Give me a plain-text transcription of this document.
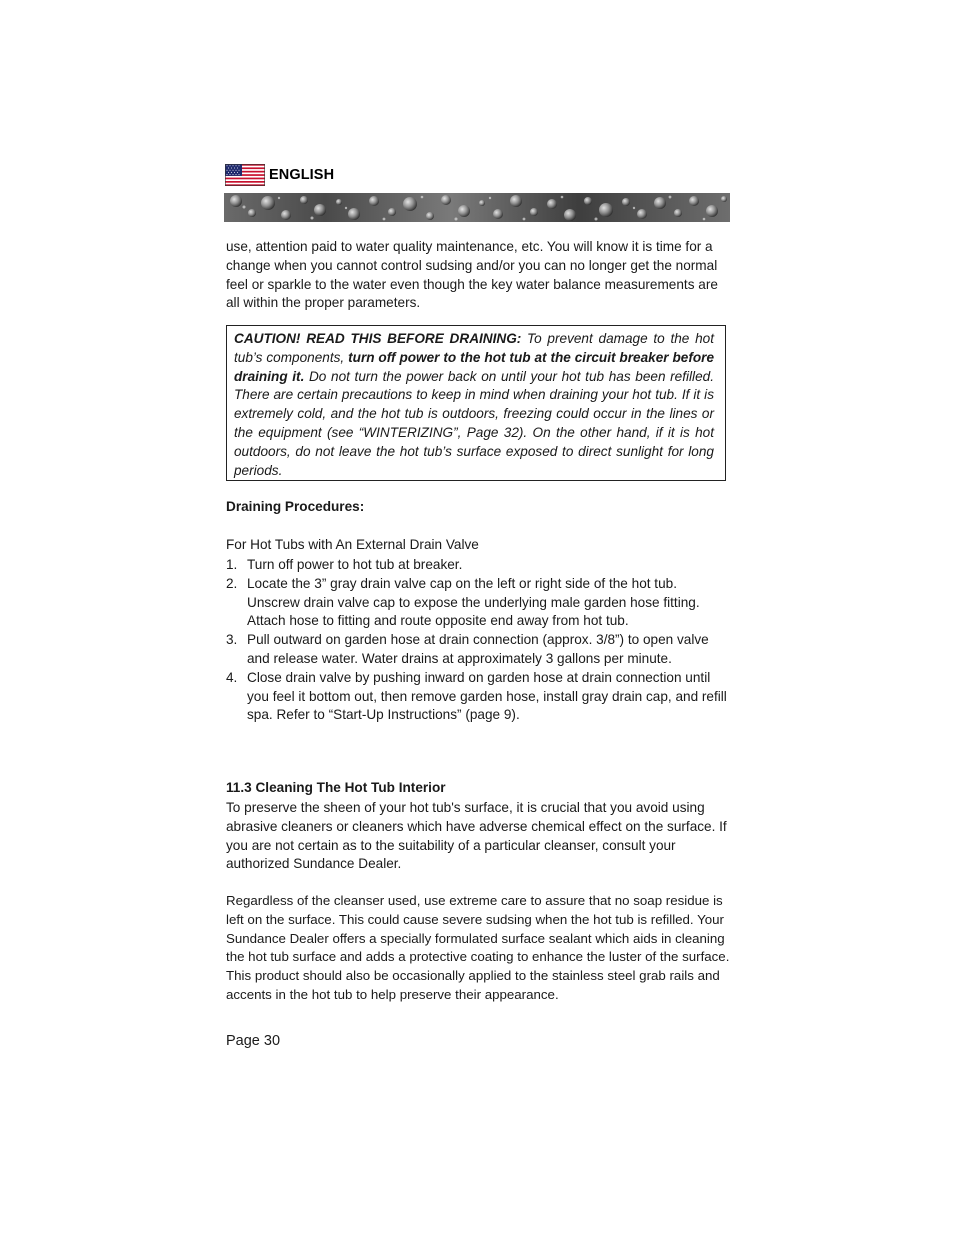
ENGLISH
use, attention paid to water quality maintenance, etc. You will know it is time for a change when you cannot control sudsing and/or you can no longer get the normal feel or sparkle to the water even though the key water balance measurements are all within the proper parameters.
CAUTION! READ THIS BEFORE DRAINING: To prevent damage to the hot tub’s components, turn off power to the hot tub at the circuit breaker before draining it. Do not turn the power back on until your hot tub has been refilled. There are certain precautions to keep in mind when draining your hot tub. If it is extremely cold, and the hot tub is outdoors, freezing could occur in the lines or the equipment (see “WINTERIZING”, Page 32). On the other hand, if it is hot outdoors, do not leave the hot tub’s surface exposed to direct sunlight for long periods.
Draining Procedures:
For Hot Tubs with An External Drain Valve
1. Turn off power to hot tub at breaker.
2. Locate the 3” gray drain valve cap on the left or right side of the hot tub. Unscrew drain valve cap to expose the underlying male garden hose fitting. Attach hose to fitting and route opposite end away from hot tub.
3. Pull outward on garden hose at drain connection (approx. 3/8”) to open valve and release water. Water drains at approximately 3 gallons per minute.
4. Close drain valve by pushing inward on garden hose at drain connection until you feel it bottom out, then remove garden hose, install gray drain cap, and refill spa. Refer to “Start-Up Instructions” (page 9).
11.3 Cleaning The Hot Tub Interior
To preserve the sheen of your hot tub's surface, it is crucial that you avoid using abrasive cleaners or cleaners which have adverse chemical effect on the surface. If you are not certain as to the suitability of a particular cleanser, consult your authorized Sundance Dealer.
Regardless of the cleanser used, use extreme care to assure that no soap residue is left on the surface. This could cause severe sudsing when the hot tub is refilled. Your Sundance Dealer offers a specially formulated surface sealant which aids in cleaning the hot tub surface and adds a protective coating to enhance the luster of the surface. This product should also be occasionally applied to the stainless steel grab rails and accents in the hot tub to help preserve their appearance.
Page 30
